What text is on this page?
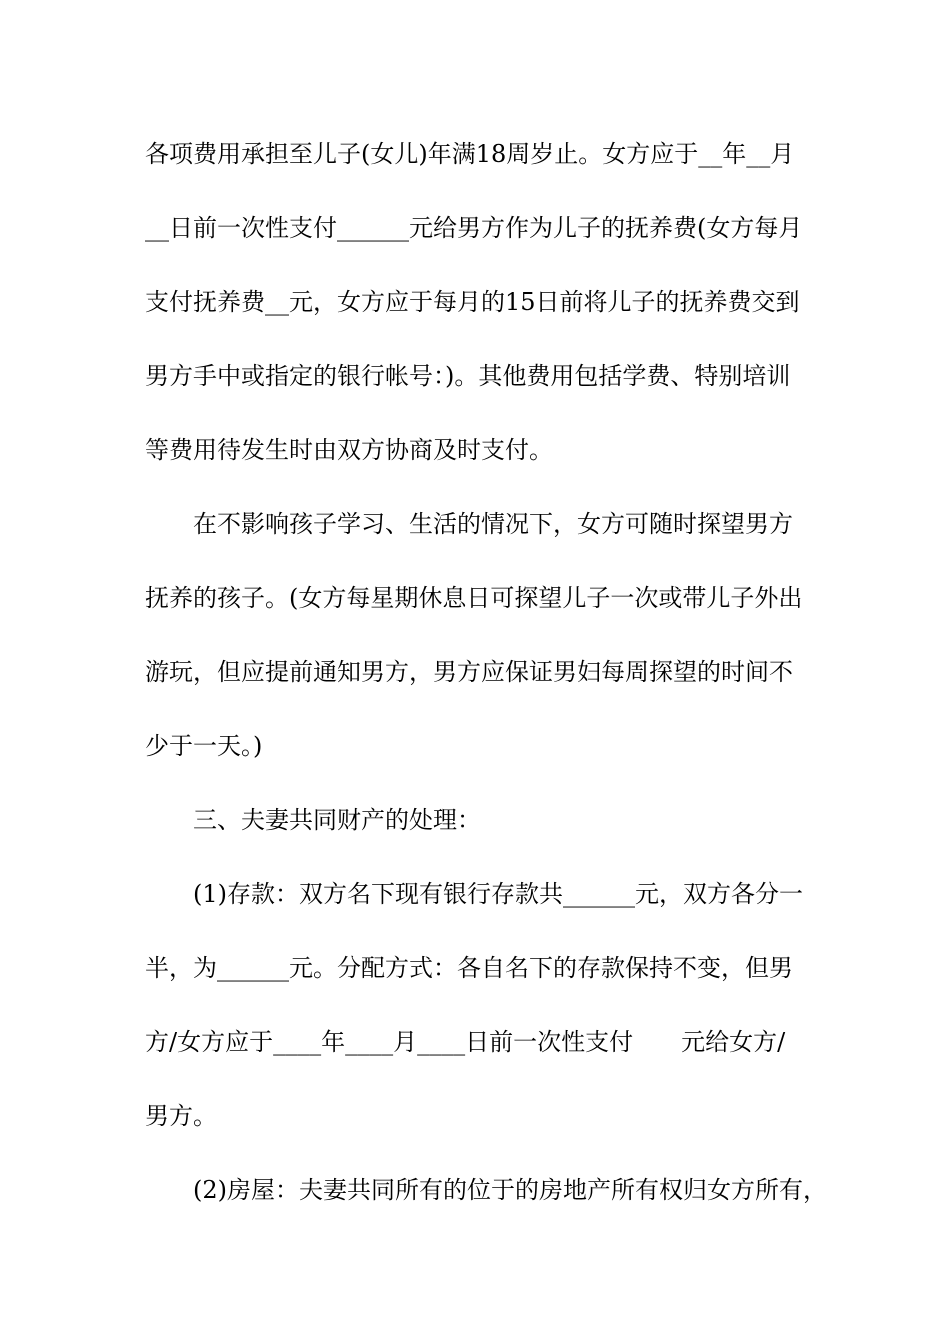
各项费用承担至儿子(女儿)年满18周岁止。女方应于__年__月
__日前一次性支付______元给男方作为儿子的抚养费(女方每月
支付抚养费__元，女方应于每月的15日前将儿子的抚养费交到
男方手中或指定的银行帐号：)。其他费用包括学费、特别培训
等费用待发生时由双方协商及时支付。
在不影响孩子学习、生活的情况下，女方可随时探望男方
抚养的孩子。(女方每星期休息日可探望儿子一次或带儿子外出
游玩，但应提前通知男方，男方应保证男妇每周探望的时间不
少于一天。)
三、夫妻共同财产的处理：
(1)存款：双方名下现有银行存款共______元，双方各分一
半，为______元。分配方式：各自名下的存款保持不变，但男
方/女方应于____年____月____日前一次性支付　　元给女方/
男方。
(2)房屋：夫妻共同所有的位于的房地产所有权归女方所有，
